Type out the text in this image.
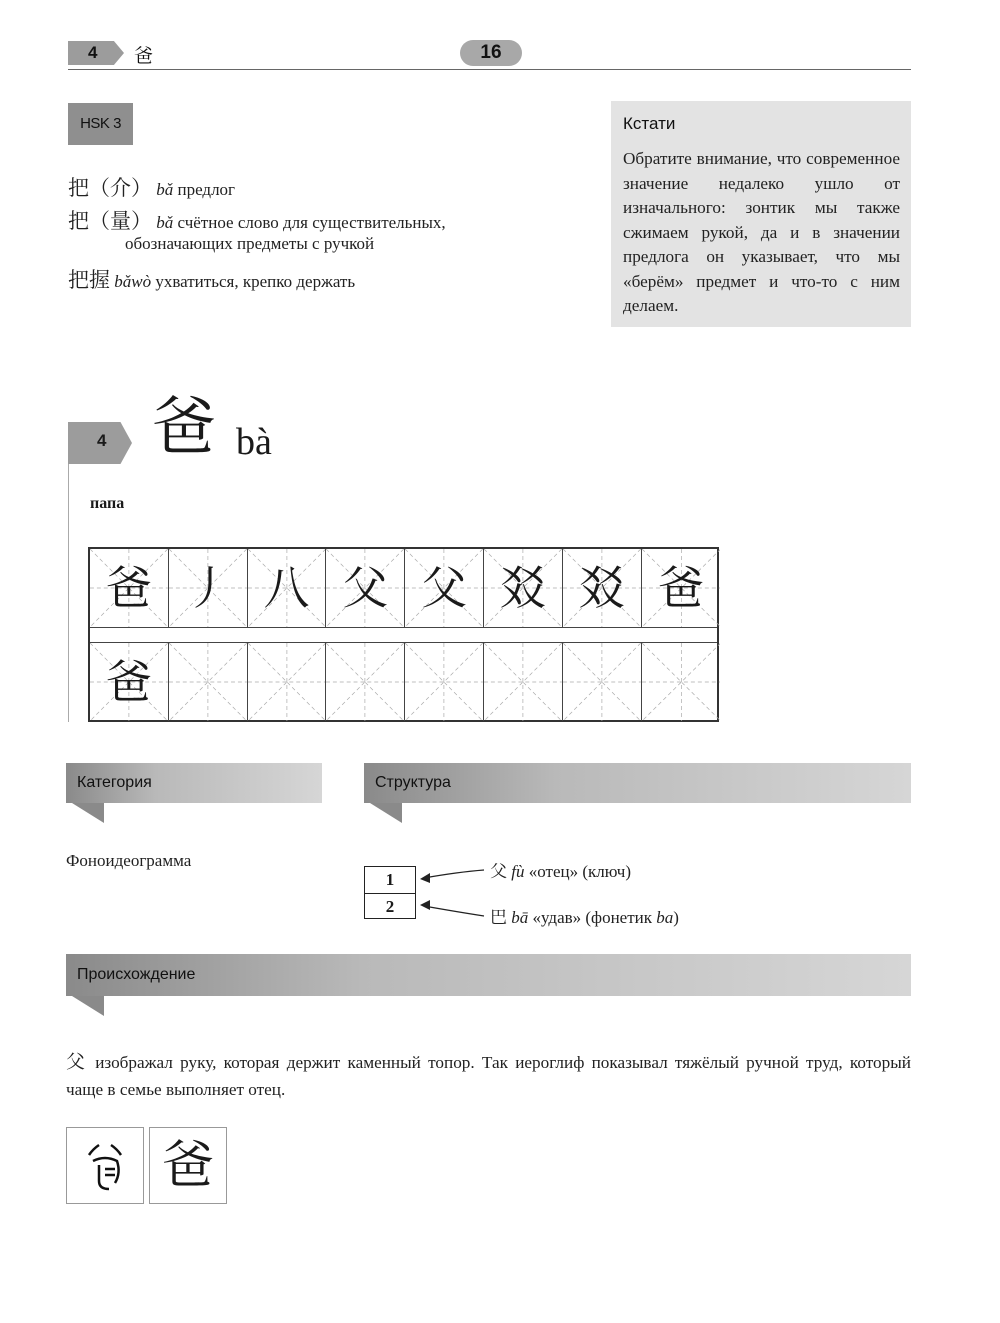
4 爸	16
HSK 3
把（介） bǎ предлог
把（量） bǎ счётное слово для существительных,
обозначающих предметы с ручкой
把握 bǎwò ухватиться, крепко держать
Кстати
Обратите внимание, что современное значение недалеко ушло от изначального: зонтик мы также сжимаем рукой, да и в значении предлога он указывает, что мы «берём» предмет и что-то с ним делаем.
4 爸 bà
папа
爸 丿 八 父 父 㸚 㸚 爸
爸
Категория
Фоноидеограмма
Структура
1
2
父 fù «отец» (ключ)
巴 bā «удав» (фонетик ba)
Происхождение
父 изображал руку, которая держит каменный топор. Так иероглиф показывал тяжёлый ручной труд, который чаще в семье выполняет отец.
爸
